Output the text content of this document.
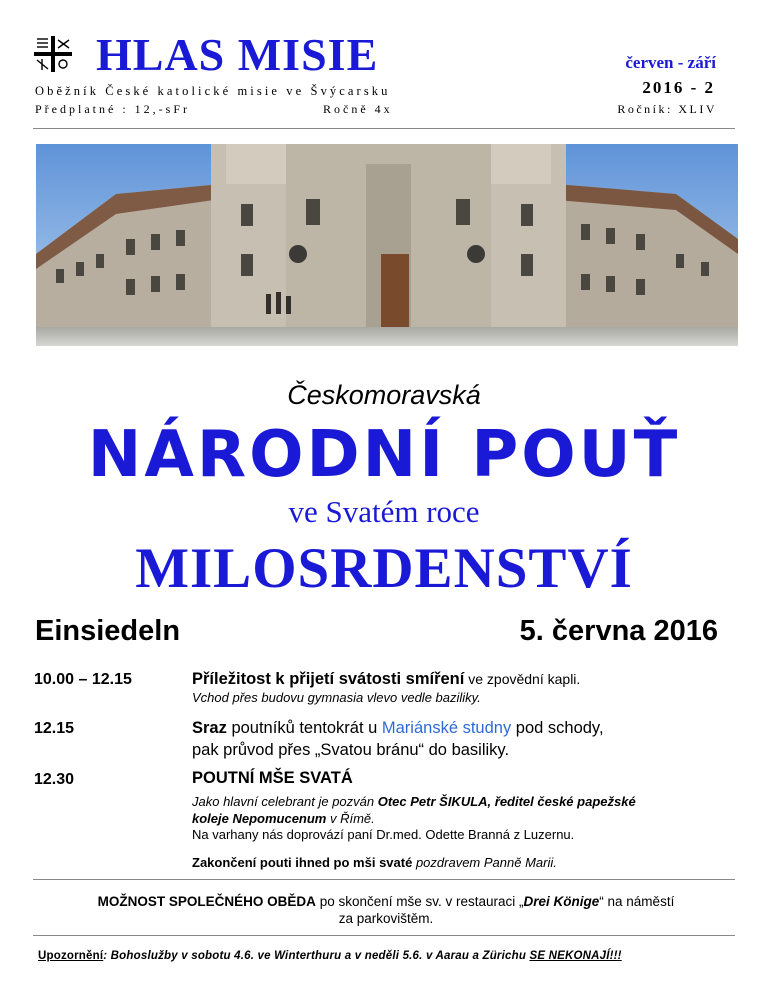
HLAS MISIE
Oběžník České katolické misie ve Švýcarsku
Předplatné : 12,-sFr	Ročně 4x
červen - září
2016 - 2
Ročník: XLIV
Českomoravská
NÁRODNÍ POUŤ
ve Svatém roce
MILOSRDENSTVÍ
Einsiedeln	5. června 2016
10.00 – 12.15	Příležitost k přijetí svátosti smíření ve zpovědní kapli.
Vchod přes budovu gymnasia vlevo vedle baziliky.
12.15	Sraz poutníků tentokrát u Mariánské studny pod schody,
pak průvod přes „Svatou bránu“ do basiliky.
12.30	POUTNÍ MŠE SVATÁ
Jako hlavní celebrant je pozván Otec Petr ŠIKULA, ředitel české papežské
koleje Nepomucenum v Římě.
Na varhany nás doprovází paní Dr.med. Odette Branná z Luzernu.
Zakončení pouti ihned po mši svaté pozdravem Panně Marii.
MOŽNOST SPOLEČNÉHO OBĚDA po skončení mše sv. v restauraci „Drei Könige“ na náměstí
za parkovištěm.
Upozornění: Bohoslužby v sobotu 4.6. ve Winterthuru a v neděli 5.6. v Aarau a Zürichu SE NEKONAJÍ!!!
